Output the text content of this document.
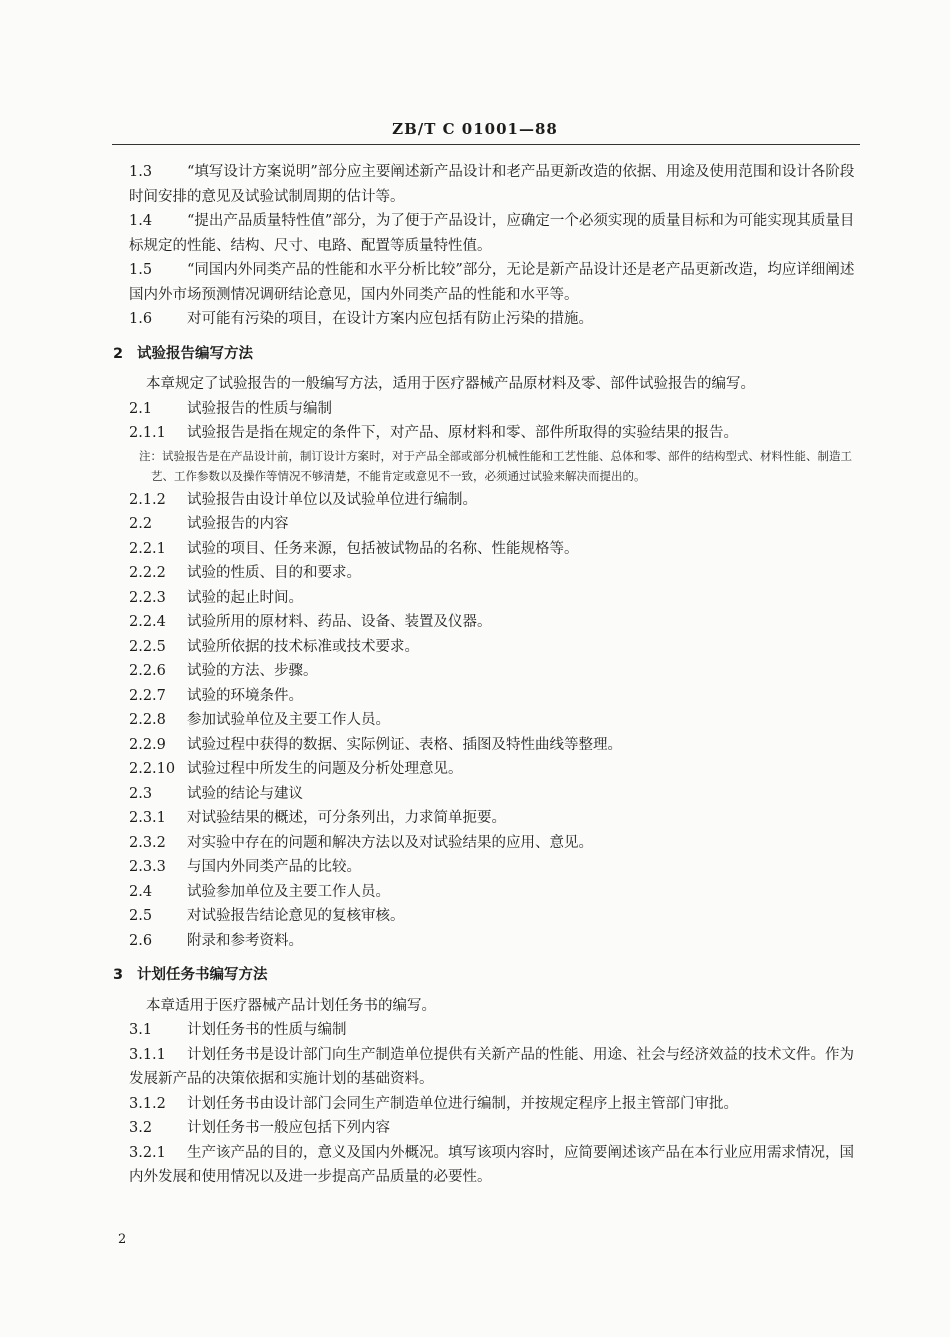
ZB/T C 01001—88

1.3 “填写设计方案说明”部分应主要阐述新产品设计和老产品更新改造的依据、用途及使用范围和设计各阶段时间安排的意见及试验试制周期的估计等。

1.4 “提出产品质量特性值”部分，为了便于产品设计，应确定一个必须实现的质量目标和为可能实现其质量目标规定的性能、结构、尺寸、电路、配置等质量特性值。

1.5 “同国内外同类产品的性能和水平分析比较”部分，无论是新产品设计还是老产品更新改造，均应详细阐述国内外市场预测情况调研结论意见，国内外同类产品的性能和水平等。

1.6 对可能有污染的项目，在设计方案内应包括有防止污染的措施。

2 试验报告编写方法

本章规定了试验报告的一般编写方法，适用于医疗器械产品原材料及零、部件试验报告的编写。

2.1 试验报告的性质与编制

2.1.1 试验报告是指在规定的条件下，对产品、原材料和零、部件所取得的实验结果的报告。

注：试验报告是在产品设计前，制订设计方案时，对于产品全部或部分机械性能和工艺性能、总体和零、部件的结构型式、材料性能、制造工艺、工作参数以及操作等情况不够清楚，不能肯定或意见不一致，必须通过试验来解决而提出的。

2.1.2 试验报告由设计单位以及试验单位进行编制。

2.2 试验报告的内容

2.2.1 试验的项目、任务来源，包括被试物品的名称、性能规格等。

2.2.2 试验的性质、目的和要求。

2.2.3 试验的起止时间。

2.2.4 试验所用的原材料、药品、设备、装置及仪器。

2.2.5 试验所依据的技术标准或技术要求。

2.2.6 试验的方法、步骤。

2.2.7 试验的环境条件。

2.2.8 参加试验单位及主要工作人员。

2.2.9 试验过程中获得的数据、实际例证、表格、插图及特性曲线等整理。

2.2.10 试验过程中所发生的问题及分析处理意见。

2.3 试验的结论与建议

2.3.1 对试验结果的概述，可分条列出，力求简单扼要。

2.3.2 对实验中存在的问题和解决方法以及对试验结果的应用、意见。

2.3.3 与国内外同类产品的比较。

2.4 试验参加单位及主要工作人员。

2.5 对试验报告结论意见的复核审核。

2.6 附录和参考资料。

3 计划任务书编写方法

本章适用于医疗器械产品计划任务书的编写。

3.1 计划任务书的性质与编制

3.1.1 计划任务书是设计部门向生产制造单位提供有关新产品的性能、用途、社会与经济效益的技术文件。作为发展新产品的决策依据和实施计划的基础资料。

3.1.2 计划任务书由设计部门会同生产制造单位进行编制，并按规定程序上报主管部门审批。

3.2 计划任务书一般应包括下列内容

3.2.1 生产该产品的目的，意义及国内外概况。填写该项内容时，应简要阐述该产品在本行业应用需求情况，国内外发展和使用情况以及进一步提高产品质量的必要性。

2
